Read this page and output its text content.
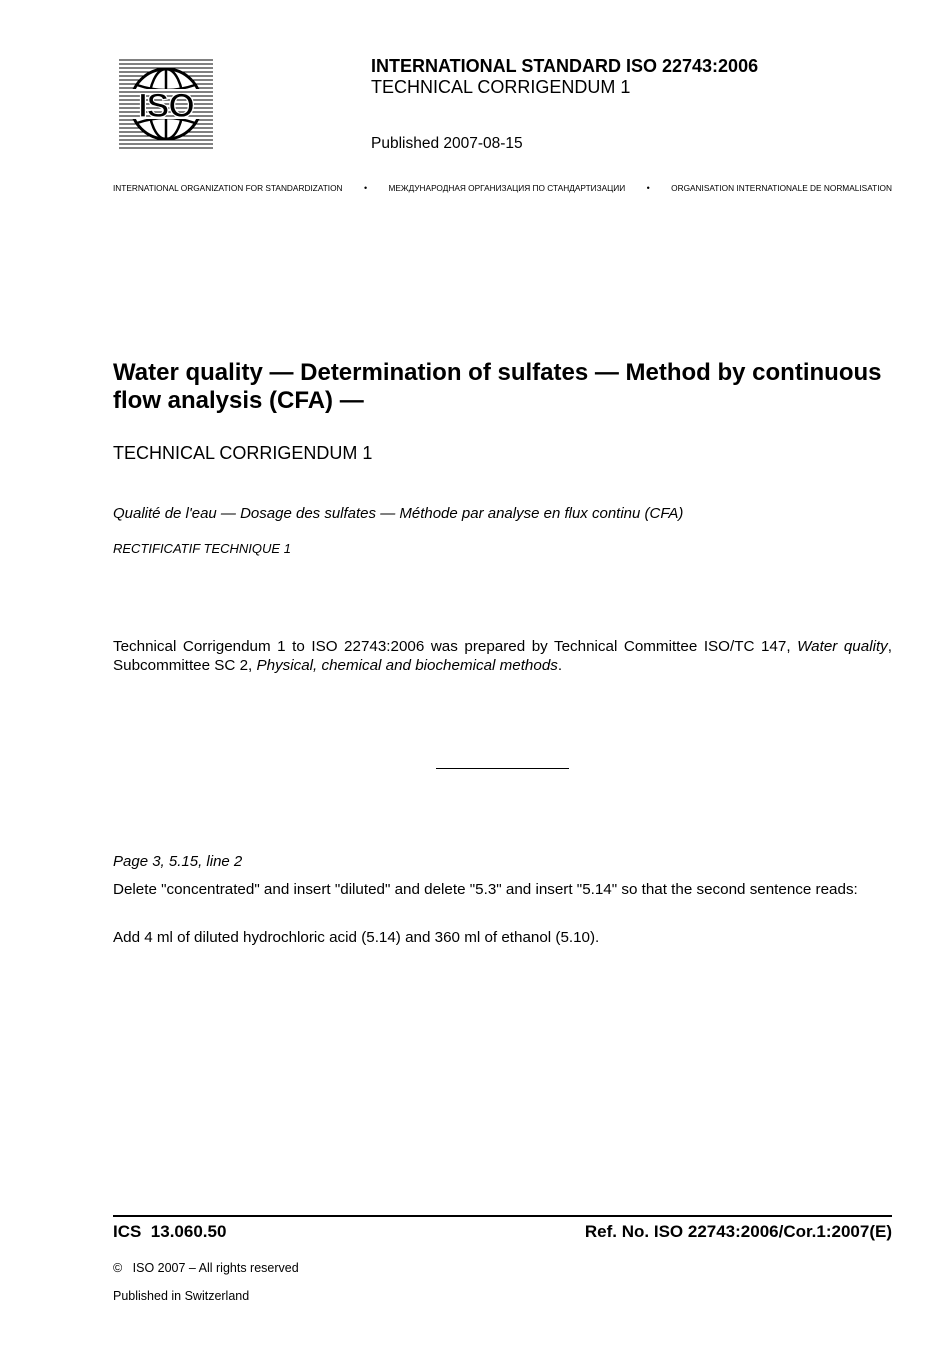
ISO
INTERNATIONAL STANDARD ISO 22743:2006
TECHNICAL CORRIGENDUM 1
Published 2007-08-15
INTERNATIONAL ORGANIZATION FOR STANDARDIZATION •	МЕЖДУНАРОДНАЯ ОРГАНИЗАЦИЯ ПО СТАНДАРТИЗАЦИИ •	ORGANISATION INTERNATIONALE DE NORMALISATION
Water quality — Determination of sulfates — Method by continuous flow analysis (CFA) —
TECHNICAL CORRIGENDUM 1
Qualité de l'eau — Dosage des sulfates — Méthode par analyse en flux continu (CFA)
RECTIFICATIF TECHNIQUE 1
Technical Corrigendum 1 to ISO 22743:2006 was prepared by Technical Committee ISO/TC 147, Water quality, Subcommittee SC 2, Physical, chemical and biochemical methods.
Page 3, 5.15, line 2
Delete "concentrated" and insert "diluted" and delete "5.3" and insert "5.14" so that the second sentence reads:
Add 4 ml of diluted hydrochloric acid (5.14) and 360 ml of ethanol (5.10).
ICS  13.060.50	Ref. No. ISO 22743:2006/Cor.1:2007(E)
©   ISO 2007 – All rights reserved
Published in Switzerland
